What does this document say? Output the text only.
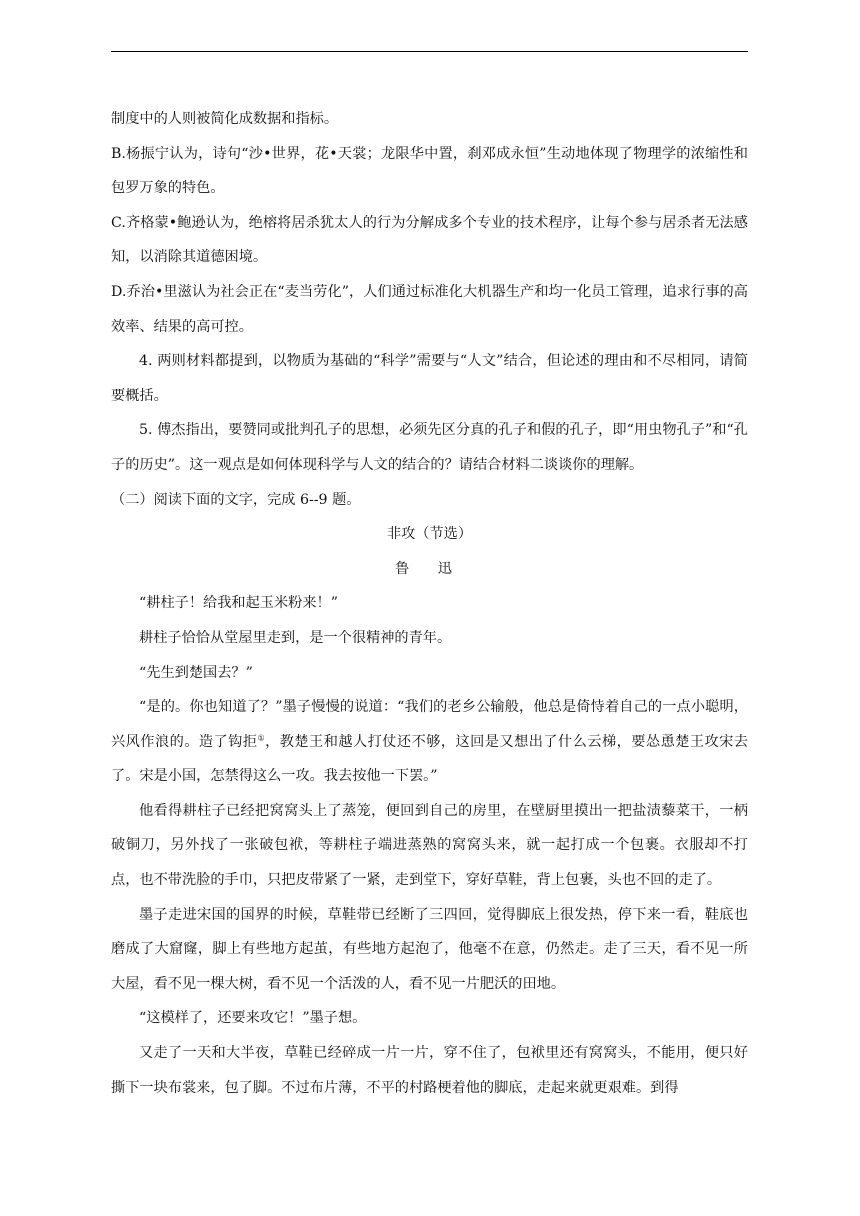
制度中的人则被简化成数据和指标。

B.杨振宁认为，诗句“沙•世界，花•天裳；龙限华中置，刹邓成永恒”生动地体现了物理学的浓缩性和包罗万象的特色。

C.齐格蒙•鲍逊认为，绝榕将居杀犹太人的行为分解成多个专业的技术程序，让每个参与居杀者无法感知，以消除其道德困境。

D.乔治•里滋认为社会正在“麦当劳化”，人们通过标准化大机器生产和均一化员工管理，追求行事的高效率、结果的高可控。

4. 两则材料都提到，以物质为基础的“科学”需要与“人文”结合，但论述的理由和不尽相同，请简要概括。

5. 傅杰指出，要赞同或批判孔子的思想，必须先区分真的孔子和假的孔子，即“用虫物孔子”和“孔子的历史”。这一观点是如何体现科学与人文的结合的？请结合材料二谈谈你的理解。

（二）阅读下面的文字，完成 6--9 题。

非攻（节选）

鲁 迅

“耕柱子！给我和起玉米粉来！”

耕柱子恰恰从堂屋里走到，是一个很精神的青年。

“先生到楚国去？”

“是的。你也知道了？”墨子慢慢的说道：“我们的老乡公输般，他总是倚恃着自己的一点小聪明，兴风作浪的。造了钩拒①，教楚王和越人打仗还不够，这回是又想出了什么云梯，要怂恿楚王攻宋去了。宋是小国，怎禁得这么一攻。我去按他一下罢。”

他看得耕柱子已经把窝窝头上了蒸笼，便回到自己的房里，在壁厨里摸出一把盐渍藜菜干，一柄破铜刀，另外找了一张破包袱，等耕柱子端进蒸熟的窝窝头来，就一起打成一个包裹。衣服却不打点，也不带洗脸的手巾，只把皮带紧了一紧，走到堂下，穿好草鞋，背上包裹，头也不回的走了。

墨子走进宋国的国界的时候，草鞋带已经断了三四回，觉得脚底上很发热，停下来一看，鞋底也磨成了大窟窿，脚上有些地方起茧，有些地方起泡了，他毫不在意，仍然走。走了三天，看不见一所大屋，看不见一棵大树，看不见一个活泼的人，看不见一片肥沃的田地。

“这模样了，还要来攻它！”墨子想。

又走了一天和大半夜，草鞋已经碎成一片一片，穿不住了，包袱里还有窝窝头，不能用，便只好撕下一块布裳来，包了脚。不过布片薄，不平的村路梗着他的脚底，走起来就更艰难。到得
